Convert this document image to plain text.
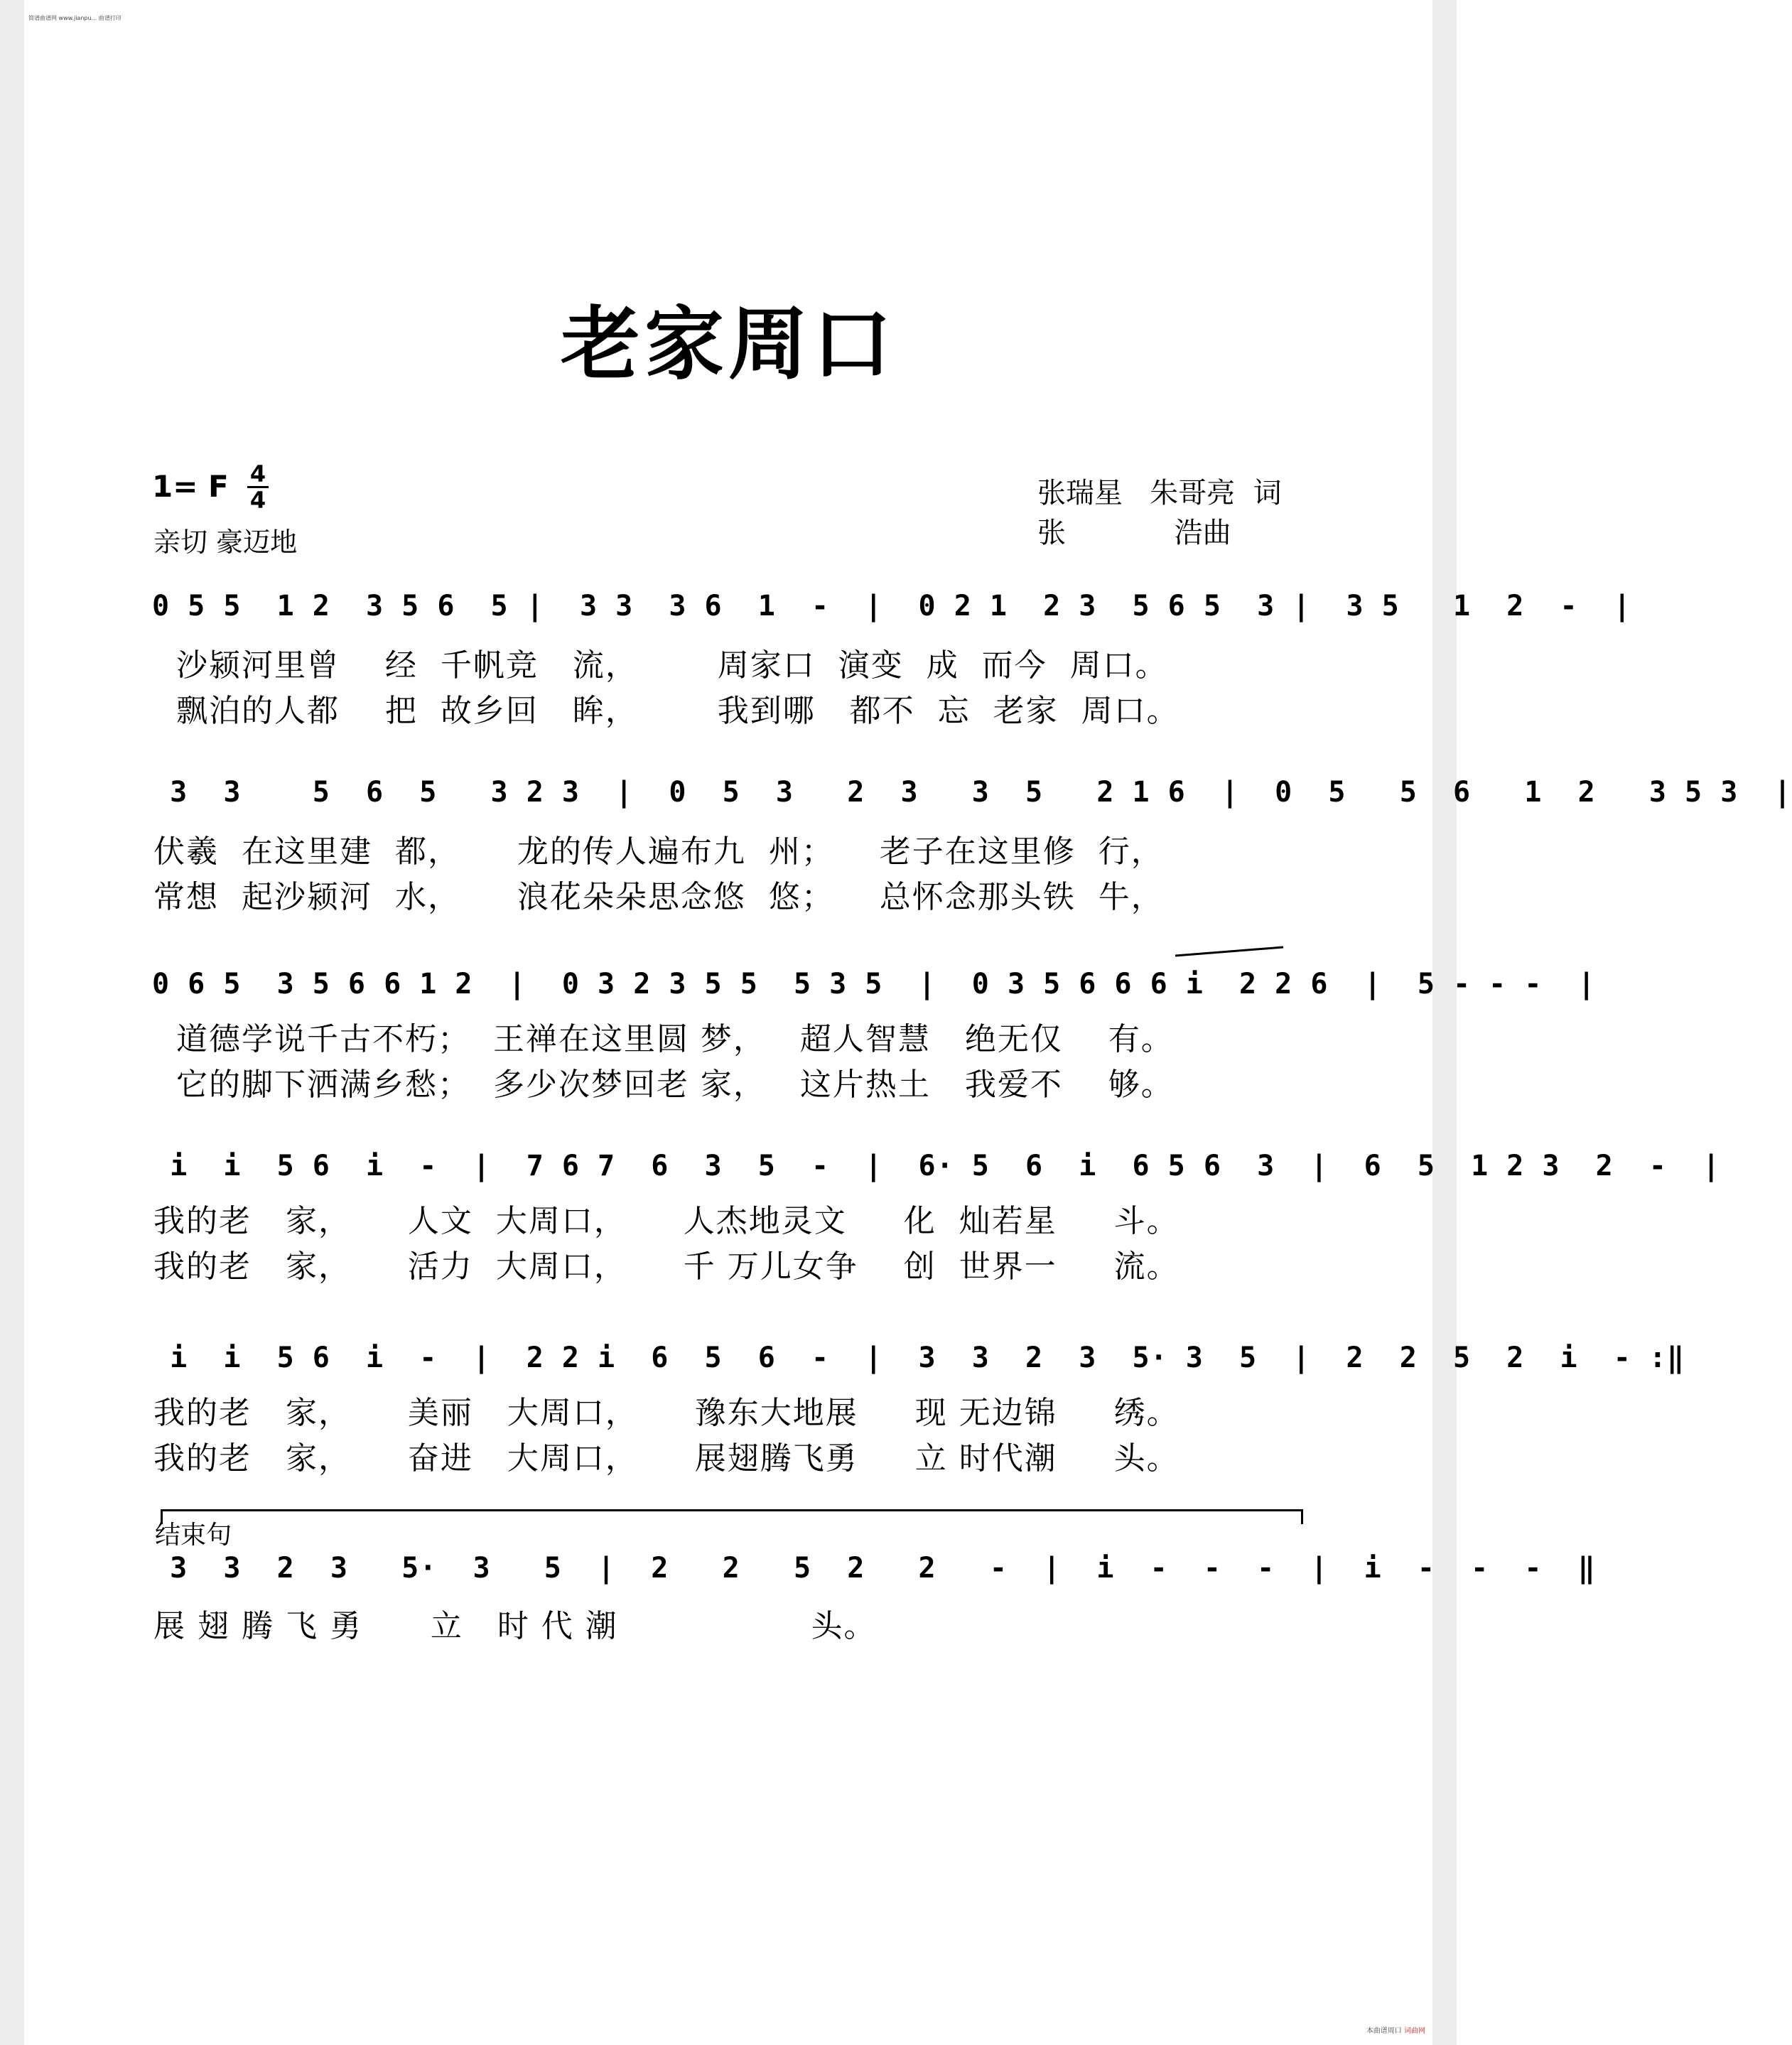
简谱曲谱网 www.jianpu... 曲谱打印
老家周口
1= F 4
4
亲切 豪迈地
张瑞星   朱哥亮  词
张            浩曲
0 5 5  1 2  3 5 6  5 |  3 3  3 6  1  -  |  0 2 1  2 3  5 6 5  3 |  3 5   1  2  -  |
沙颍河里曾    经  千帆竞   流，       周家口  演变  成  而今  周口。
飘泊的人都    把  故乡回   眸，       我到哪   都不  忘  老家  周口。
3  3    5  6  5   3 2 3  |  0  5  3   2  3   3  5   2 1 6  |  0  5   5  6   1  2   3 5 3  |
伏羲  在这里建  都，     龙的传人遍布九  州；    老子在这里修  行，
常想  起沙颍河  水，     浪花朵朵思念悠  悠；    总怀念那头铁  牛，
0 6 5  3 5 6 6 1 2  |  0 3 2 3 5 5  5 3 5  |  0 3 5 6 6 6 i  2 2 6  |  5 - - -  |
道德学说千古不朽；  王禅在这里圆 梦，   超人智慧   绝无仅    有。
它的脚下洒满乡愁；  多少次梦回老 家，   这片热土   我爱不    够。
i  i  5 6  i  -  |  7 6 7  6  3  5  -  |  6· 5  6  i  6 5 6  3  |  6  5  1 2 3  2  -  |
我的老   家，     人文  大周口，     人杰地灵文     化  灿若星     斗。
我的老   家，     活力  大周口，     千 万儿女争    创  世界一     流。
i  i  5 6  i  -  |  2 2 i  6  5  6  -  |  3  3  2  3  5· 3  5  |  2  2  5  2  i  - :‖
我的老   家，     美丽   大周口，     豫东大地展     现 无边锦     绣。
我的老   家，     奋进   大周口，     展翅腾飞勇     立 时代潮     头。
结束句
3  3  2  3   5·  3   5  |  2   2   5  2   2   -  |  i  -  -  -  |  i  -  -  -  ‖
展 翅 腾 飞 勇      立   时 代 潮                 头。
本曲谱周口 词曲网
